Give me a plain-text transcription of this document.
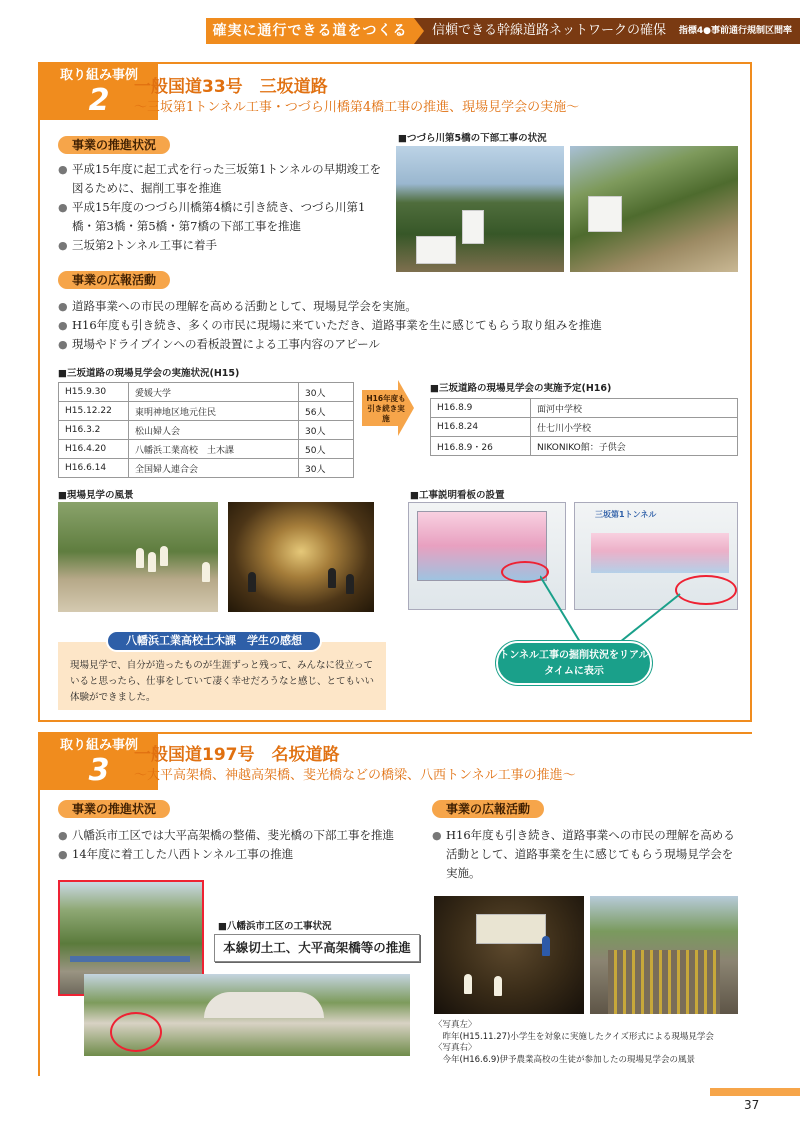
確実に通行できる道をつくる	信頼できる幹線道路ネットワークの確保	指標4●事前通行規制区間率
取り組み事例
2	一般国道33号　三坂道路
～三坂第1トンネル工事・つづら川橋第4橋工事の推進、現場見学会の実施～
事業の推進状況
● 平成15年度に起工式を行った三坂第1トンネルの早期竣工を図るために、掘削工事を推進
● 平成15年度のつづら川橋第4橋に引き続き、つづら川第1橋・第3橋・第5橋・第7橋の下部工事を推進
● 三坂第2トンネル工事に着手
■つづら川第5橋の下部工事の状況
事業の広報活動
● 道路事業への市民の理解を高める活動として、現場見学会を実施。
● H16年度も引き続き、多くの市民に現場に来ていただき、道路事業を生に感じてもらう取り組みを推進
● 現場やドライブインへの看板設置による工事内容のアピール
■三坂道路の現場見学会の実施状況(H15)
H15.9.30	愛媛大学	30人
H15.12.22	東明神地区地元住民	56人
H16.3.2	松山婦人会	30人
H16.4.20	八幡浜工業高校　土木課	50人
H16.6.14	全国婦人連合会	30人
H16年度も引き続き実施
■三坂道路の現場見学会の実施予定(H16)
H16.8.9	面河中学校
H16.8.24	仕七川小学校
H16.8.9・26	NIKONIKO館：子供会
■現場見学の風景	■工事説明看板の設置
三坂第1トンネル
八幡浜工業高校土木課　学生の感想
現場見学で、自分が造ったものが生涯ずっと残って、みんなに役立っていると思ったら、仕事をしていて凄く幸せだろうなと感じ、とてもいい体験ができました。
トンネル工事の掘削状況をリアルタイムに表示
取り組み事例
3	一般国道197号　名坂道路
～大平高架橋、神越高架橋、斐光橋などの橋梁、八西トンネル工事の推進～
事業の推進状況
● 八幡浜市工区では大平高架橋の整備、斐光橋の下部工事を推進
● 14年度に着工した八西トンネル工事の推進
事業の広報活動
● H16年度も引き続き、道路事業への市民の理解を高める活動として、道路事業を生に感じてもらう現場見学会を実施。
■八幡浜市工区の工事状況
本線切土工、大平高架橋等の推進
〈写真左〉
　昨年(H15.11.27)小学生を対象に実施したクイズ形式による現場見学会
〈写真右〉
　今年(H16.6.9)伊予農業高校の生徒が参加したの現場見学会の風景
37
